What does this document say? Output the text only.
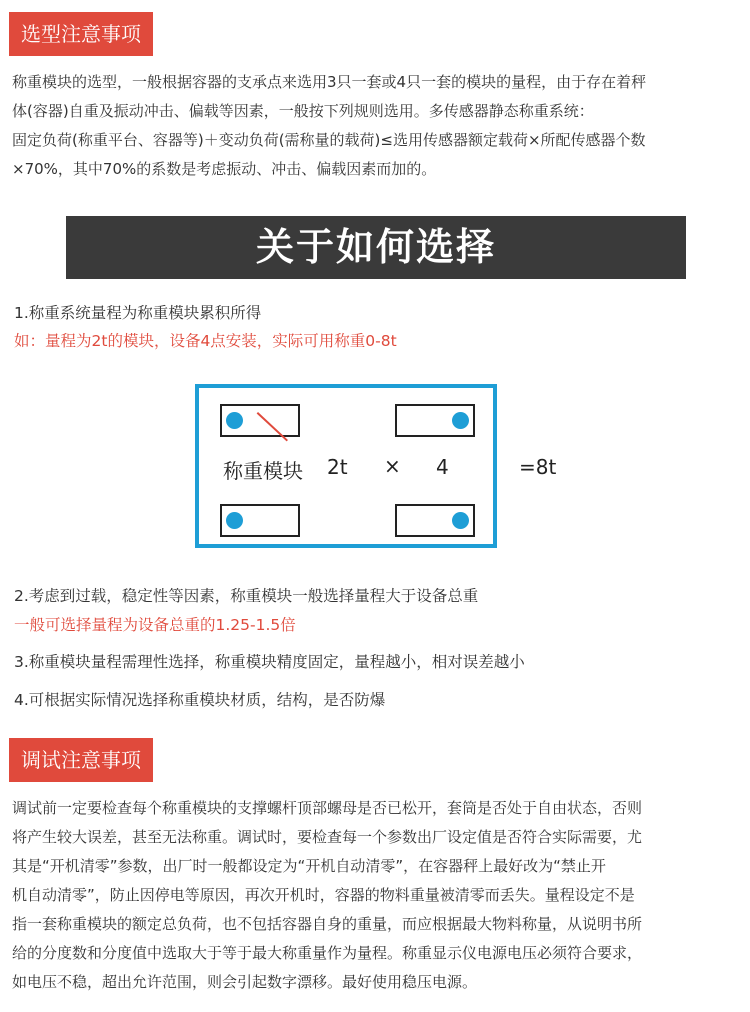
选型注意事项
称重模块的选型，一般根据容器的支承点来选用3只一套或4只一套的模块的量程，由于存在着秤
体(容器)自重及振动冲击、偏载等因素，一般按下列规则选用。多传感器静态称重系统：
固定负荷(称重平台、容器等)＋变动负荷(需称量的载荷)≤选用传感器额定载荷×所配传感器个数
×70%，其中70%的系数是考虑振动、冲击、偏载因素而加的。
关于如何选择
1.称重系统量程为称重模块累积所得
如：量程为2t的模块，设备4点安装，实际可用称重0-8t
称重模块 2t × 4	=8t
2.考虑到过载，稳定性等因素，称重模块一般选择量程大于设备总重
一般可选择量程为设备总重的1.25-1.5倍
3.称重模块量程需理性选择，称重模块精度固定，量程越小，相对误差越小
4.可根据实际情况选择称重模块材质，结构，是否防爆
调试注意事项
调试前一定要检查每个称重模块的支撑螺杆顶部螺母是否已松开，套筒是否处于自由状态，否则
将产生较大误差，甚至无法称重。调试时，要检查每一个参数出厂设定值是否符合实际需要，尤
其是“开机清零”参数，出厂时一般都设定为“开机自动清零”，在容器秤上最好改为“禁止开
机自动清零”，防止因停电等原因，再次开机时，容器的物料重量被清零而丢失。量程设定不是
指一套称重模块的额定总负荷，也不包括容器自身的重量，而应根据最大物料称量，从说明书所
给的分度数和分度值中选取大于等于最大称重量作为量程。称重显示仪电源电压必须符合要求，
如电压不稳，超出允许范围，则会引起数字漂移。最好使用稳压电源。
